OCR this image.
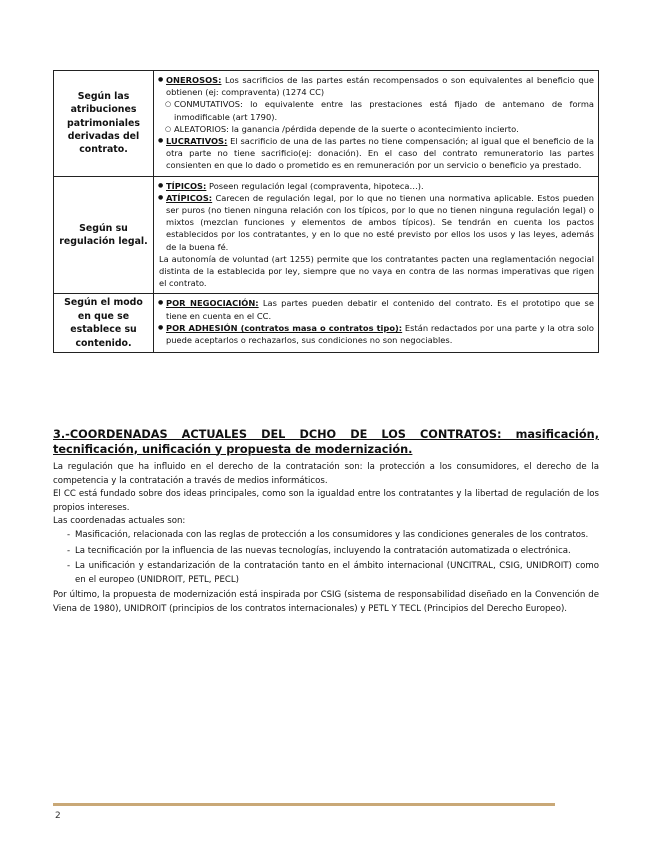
Según las atribuciones patrimoniales derivadas del contrato.	● ONEROSOS: Los sacrificios de las partes están recompensados o son equivalentes al beneficio que obtienen (ej: compraventa) (1274 CC)
○ CONMUTATIVOS: lo equivalente entre las prestaciones está fijado de antemano de forma inmodificable (art 1790).
○ ALEATORIOS: la ganancia /pérdida depende de la suerte o acontecimiento incierto.
● LUCRATIVOS: El sacrificio de una de las partes no tiene compensación; al igual que el beneficio de la otra parte no tiene sacrificio(ej: donación). En el caso del contrato remuneratorio las partes consienten en que lo dado o prometido es en remuneración por un servicio o beneficio ya prestado.

Según su regulación legal.	● TÍPICOS: Poseen regulación legal (compraventa, hipoteca…).
● ATÍPICOS: Carecen de regulación legal, por lo que no tienen una normativa aplicable. Estos pueden ser puros (no tienen ninguna relación con los típicos, por lo que no tienen ninguna regulación legal) o mixtos (mezclan funciones y elementos de ambos típicos). Se tendrán en cuenta los pactos establecidos por los contratantes, y en lo que no esté previsto por ellos los usos y las leyes, además de la buena fé.

La autonomía de voluntad (art 1255) permite que los contratantes pacten una reglamentación negocial distinta de la establecida por ley, siempre que no vaya en contra de las normas imperativas que rigen el contrato.

Según el modo en que se establece su contenido.	● POR NEGOCIACIÓN: Las partes pueden debatir el contenido del contrato. Es el prototipo que se tiene en cuenta en el CC.
● POR ADHESIÓN (contratos masa o contratos tipo): Están redactados por una parte y la otra solo puede aceptarlos o rechazarlos, sus condiciones no son negociables.

3.-COORDENADAS ACTUALES DEL DCHO DE LOS CONTRATOS: masificación, tecnificación, unificación y propuesta de modernización.

La regulación que ha influido en el derecho de la contratación son: la protección a los consumidores, el derecho de la competencia y la contratación a través de medios informáticos.

El CC está fundado sobre dos ideas principales, como son la igualdad entre los contratantes y la libertad de regulación de los propios intereses.

Las coordenadas actuales son:

- Masificación, relacionada con las reglas de protección a los consumidores y las condiciones generales de los contratos.

- La tecnificación por la influencia de las nuevas tecnologías, incluyendo la contratación automatizada o electrónica.

- La unificación y estandarización de la contratación tanto en el ámbito internacional (UNCITRAL, CSIG, UNIDROIT) como en el europeo (UNIDROIT, PETL, PECL)

Por último, la propuesta de modernización está inspirada por CSIG (sistema de responsabilidad diseñado en la Convención de Viena de 1980), UNIDROIT (principios de los contratos internacionales) y PETL Y TECL (Principios del Derecho Europeo).

2
